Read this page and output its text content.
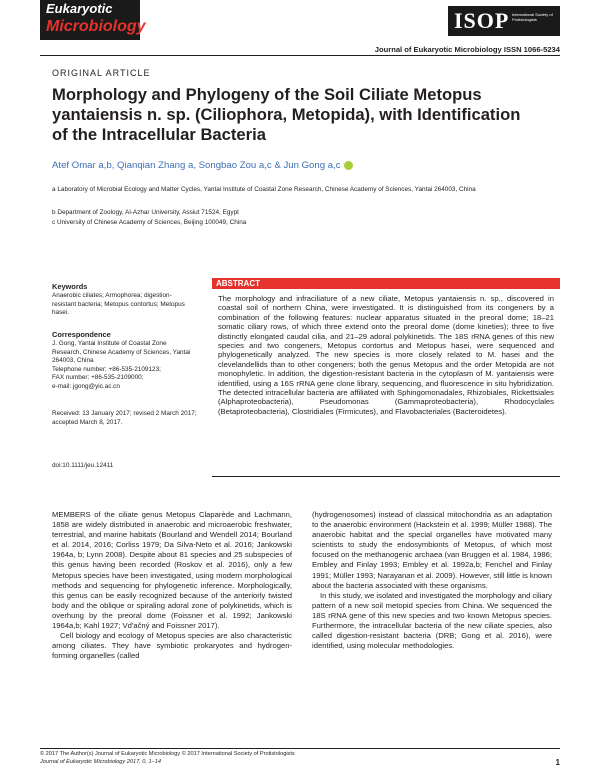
Eukaryotic
Microbiology	ISOP International Society of Protistologists
Journal of Eukaryotic Microbiology ISSN 1066-5234
ORIGINAL ARTICLE
Morphology and Phylogeny of the Soil Ciliate Metopus yantaiensis n. sp. (Ciliophora, Metopida), with Identification of the Intracellular Bacteria
Atef Omar a,b, Qianqian Zhang a, Songbao Zou a,c & Jun Gong a,c
a Laboratory of Microbial Ecology and Matter Cycles, Yantai Institute of Coastal Zone Research, Chinese Academy of Sciences, Yantai 264003, China
b Department of Zoology, Al-Azhar University, Assiut 71524, Egypt
c University of Chinese Academy of Sciences, Beijing 100049, China
Keywords
Anaerobic ciliates; Armophorea; digestion-resistant bacteria; Metopus contortus; Metopus hasei.
Correspondence
J. Gong, Yantai Institute of Coastal Zone Research, Chinese Academy of Sciences, Yantai 264003, China
Telephone number: +86-535-2109123;
FAX number: +86-535-2109000;
e-mail: jgong@yic.ac.cn
Received: 13 January 2017; revised 2 March 2017; accepted March 8, 2017.
doi:10.1111/jeu.12411
ABSTRACT
The morphology and infraciliature of a new ciliate, Metopus yantaiensis n. sp., discovered in coastal soil of northern China, were investigated. It is distinguished from its congeners by a combination of the following features: nuclear apparatus situated in the preoral dome; 18–21 somatic ciliary rows, of which three extend onto the preoral dome (dome kineties); three to five distinctly elongated caudal cilia, and 21–29 adoral polykinetids. The 18S rRNA genes of this new species and two congeners, Metopus contortus and Metopus hasei, were sequenced and phylogenetically analyzed. The new species is more closely related to M. hasei and the clevelandellids than to other congeners; both the genus Metopus and the order Metopida are not monophyletic. In addition, the digestion-resistant bacteria in the cytoplasm of M. yantaiensis were identified, using a 16S rRNA gene clone library, sequencing, and fluorescence in situ hybridization. The detected intracellular bacteria are affiliated with Sphingomonadales, Rhizobiales, Rickettsiales (Alphaproteobacteria), Pseudomonas (Gammaproteobacteria), Rhodocyclales (Betaproteobacteria), Clostridiales (Firmicutes), and Flavobacteriales (Bacteroidetes).

MEMBERS of the ciliate genus Metopus Claparède and Lachmann, 1858 are widely distributed in anaerobic and microaerobic freshwater, terrestrial, and marine habitats (Bourland and Wendell 2014; Bourland et al. 2014, 2016; Corliss 1979; Da Silva-Neto et al. 2016; Jankowski 1964a, b; Lynn 2008). Despite about 81 species and 25 subspecies of this genus having been recorded (Roskov et al. 2016), only a few Metopus species have been investigated, using modern morphological methods and sequencing for phylogenetic inference. Morphologically, this genus can be easily recognized because of the anteriorly twisted body and the oblique or spiraling adoral zone of polykinetids, which is overhung by the preoral dome (Foissner et al. 1992; Jankowski 1964a,b; Kahl 1927; Vd'ačný and Foissner 2017).

Cell biology and ecology of Metopus species are also characteristic among ciliates. They have symbiotic prokaryotes and hydrogen-forming organelles (called

(hydrogenosomes) instead of classical mitochondria as an adaptation to the anaerobic environment (Hackstein et al. 1999; Müller 1988). The anaerobic habitat and the special organelles have motivated many scientists to study the endosymbionts of Metopus, of which most focused on the methanogenic archaea (van Bruggen et al. 1984, 1986; Embley and Finlay 1993; Embley et al. 1992a,b; Fenchel and Finlay 1991; Müller 1993; Narayanan et al. 2009). However, still little is known about the bacteria associated with these organisms.

In this study, we isolated and investigated the morphology and ciliary pattern of a new soil metopid species from China. We sequenced the 18S rRNA gene of this new species and two known Metopus species. Furthermore, the intracellular bacteria of the new ciliate species, also called digestion-resistant bacteria (DRB; Gong et al. 2016), were identified, using molecular methodologies.

© 2017 The Author(s) Journal of Eukaryotic Microbiology © 2017 International Society of Protistologists
Journal of Eukaryotic Microbiology 2017, 0, 1–14	1
